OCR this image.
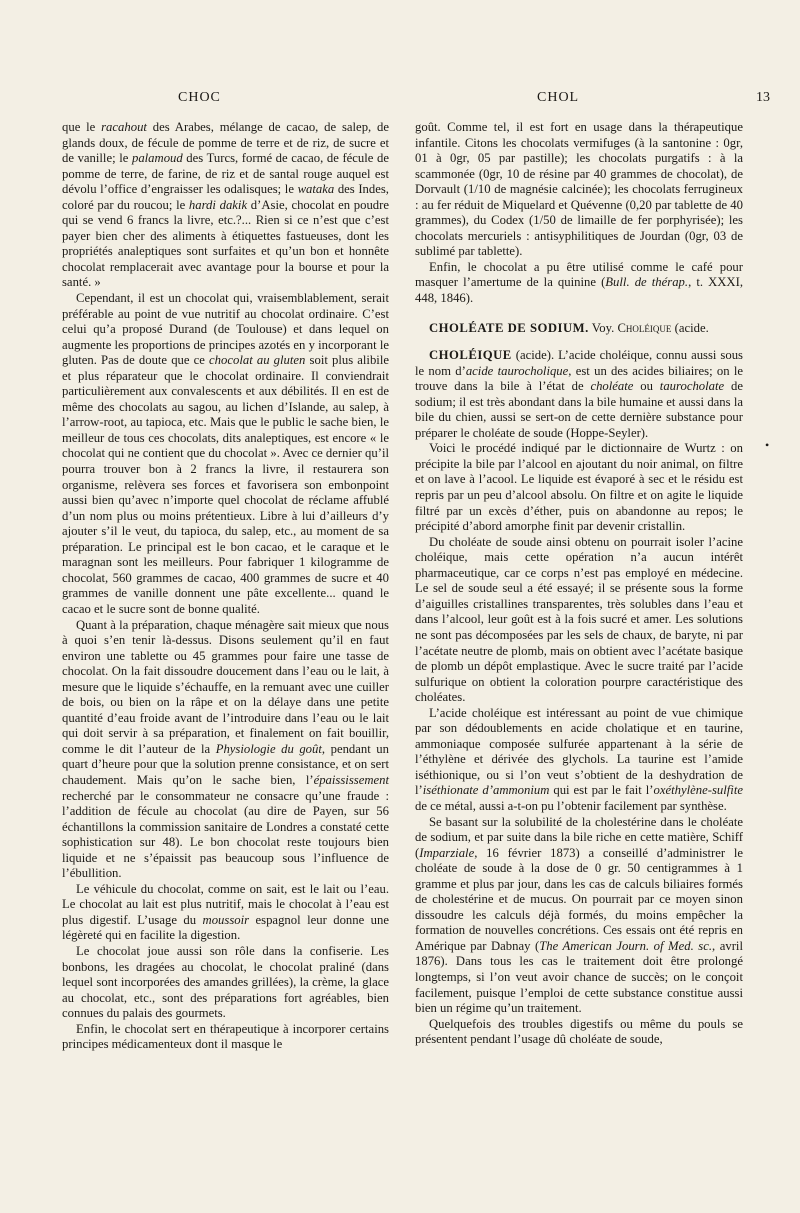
CHOC	CHOL	13
•

que le racahout des Arabes, mélange de cacao, de salep, de glands doux, de fécule de pomme de terre et de riz, de sucre et de vanille; le palamoud des Turcs, formé de cacao, de fécule de pomme de terre, de farine, de riz et de santal rouge auquel est dévolu l’office d’engraisser les odalisques; le wataka des Indes, coloré par du roucou; le hardi dakik d’Asie, chocolat en poudre qui se vend 6 francs la livre, etc.?... Rien si ce n’est que c’est payer bien cher des aliments à étiquettes fastueuses, dont les propriétés analeptiques sont surfaites et qu’un bon et honnête chocolat remplacerait avec avantage pour la bourse et pour la santé. »

Cependant, il est un chocolat qui, vraisemblablement, serait préférable au point de vue nutritif au chocolat ordinaire. C’est celui qu’a proposé Durand (de Toulouse) et dans lequel on augmente les proportions de principes azotés en y incorporant le gluten. Pas de doute que ce chocolat au gluten soit plus alibile et plus réparateur que le chocolat ordinaire. Il conviendrait particulièrement aux convalescents et aux débilités. Il en est de même des chocolats au sagou, au lichen d’Islande, au salep, à l’arrow-root, au tapioca, etc. Mais que le public le sache bien, le meilleur de tous ces chocolats, dits analeptiques, est encore « le chocolat qui ne contient que du chocolat ». Avec ce dernier qu’il pourra trouver bon à 2 francs la livre, il restaurera son organisme, relèvera ses forces et favorisera son embonpoint aussi bien qu’avec n’importe quel chocolat de réclame affublé d’un nom plus ou moins prétentieux. Libre à lui d’ailleurs d’y ajouter s’il le veut, du tapioca, du salep, etc., au moment de sa préparation. Le principal est le bon cacao, et le caraque et le maragnan sont les meilleurs. Pour fabriquer 1 kilogramme de chocolat, 560 grammes de cacao, 400 grammes de sucre et 40 grammes de vanille donnent une pâte excellente... quand le cacao et le sucre sont de bonne qualité.

Quant à la préparation, chaque ménagère sait mieux que nous à quoi s’en tenir là-dessus. Disons seulement qu’il en faut environ une tablette ou 45 grammes pour faire une tasse de chocolat. On la fait dissoudre doucement dans l’eau ou le lait, à mesure que le liquide s’échauffe, en la remuant avec une cuiller de bois, ou bien on la râpe et on la délaye dans une petite quantité d’eau froide avant de l’introduire dans l’eau ou le lait qui doit servir à sa préparation, et finalement on fait bouillir, comme le dit l’auteur de la Physiologie du goût, pendant un quart d’heure pour que la solution prenne consistance, et on sert chaudement. Mais qu’on le sache bien, l’épaississement recherché par le consommateur ne consacre qu’une fraude : l’addition de fécule au chocolat (au dire de Payen, sur 56 échantillons la commission sanitaire de Londres a constaté cette sophistication sur 48). Le bon chocolat reste toujours bien liquide et ne s’épaissit pas beaucoup sous l’influence de l’ébullition.

Le véhicule du chocolat, comme on sait, est le lait ou l’eau. Le chocolat au lait est plus nutritif, mais le chocolat à l’eau est plus digestif. L’usage du moussoir espagnol leur donne une légèreté qui en facilite la digestion.

Le chocolat joue aussi son rôle dans la confiserie. Les bonbons, les dragées au chocolat, le chocolat praliné (dans lequel sont incorporées des amandes grillées), la crème, la glace au chocolat, etc., sont des préparations fort agréables, bien connues du palais des gourmets.

Enfin, le chocolat sert en thérapeutique à incorporer certains principes médicamenteux dont il masque le

goût. Comme tel, il est fort en usage dans la thérapeutique infantile. Citons les chocolats vermifuges (à la santonine : 0gr, 01 à 0gr, 05 par pastille); les chocolats purgatifs : à la scammonée (0gr, 10 de résine par 40 grammes de chocolat), de Dorvault (1/10 de magnésie calcinée); les chocolats ferrugineux : au fer réduit de Miquelard et Quévenne (0,20 par tablette de 40 grammes), du Codex (1/50 de limaille de fer porphyrisée); les chocolats mercuriels : antisyphilitiques de Jourdan (0gr, 03 de sublimé par tablette).

Enfin, le chocolat a pu être utilisé comme le café pour masquer l’amertume de la quinine (Bull. de thérap., t. XXXI, 448, 1846).

CHOLÉATE DE SODIUM. Voy. Choléique (acide.

CHOLÉIQUE (acide). L’acide choléique, connu aussi sous le nom d’acide taurocholique, est un des acides biliaires; on le trouve dans la bile à l’état de choléate ou taurocholate de sodium; il est très abondant dans la bile humaine et aussi dans la bile du chien, aussi se sert-on de cette dernière substance pour préparer le choléate de soude (Hoppe-Seyler).

Voici le procédé indiqué par le dictionnaire de Wurtz : on précipite la bile par l’alcool en ajoutant du noir animal, on filtre et on lave à l’acool. Le liquide est évaporé à sec et le résidu est repris par un peu d’alcool absolu. On filtre et on agite le liquide filtré par un excès d’éther, puis on abandonne au repos; le précipité d’abord amorphe finit par devenir cristallin.

Du choléate de soude ainsi obtenu on pourrait isoler l’acine choléique, mais cette opération n’a aucun intérêt pharmaceutique, car ce corps n’est pas employé en médecine. Le sel de soude seul a été essayé; il se présente sous la forme d’aiguilles cristallines transparentes, très solubles dans l’eau et dans l’alcool, leur goût est à la fois sucré et amer. Les solutions ne sont pas décomposées par les sels de chaux, de baryte, ni par l’acétate neutre de plomb, mais on obtient avec l’acétate basique de plomb un dépôt emplastique. Avec le sucre traité par l’acide sulfurique on obtient la coloration pourpre caractéristique des choléates.

L’acide choléique est intéressant au point de vue chimique par son dédoublements en acide cholatique et en taurine, ammoniaque composée sulfurée appartenant à la série de l’éthylène et dérivée des glychols. La taurine est l’amide iséthionique, ou si l’on veut s’obtient de la deshydration de l’iséthionate d’ammonium qui est par le fait l’oxéthylène-sulfite de ce métal, aussi a-t-on pu l’obtenir facilement par synthèse.

Se basant sur la solubilité de la cholestérine dans le choléate de sodium, et par suite dans la bile riche en cette matière, Schiff (Imparziale, 16 février 1873) a conseillé d’administrer le choléate de soude à la dose de 0 gr. 50 centigrammes à 1 gramme et plus par jour, dans les cas de calculs biliaires formés de cholestérine et de mucus. On pourrait par ce moyen sinon dissoudre les calculs déjà formés, du moins empêcher la formation de nouvelles concrétions. Ces essais ont été repris en Amérique par Dabnay (The American Journ. of Med. sc., avril 1876). Dans tous les cas le traitement doit être prolongé longtemps, si l’on veut avoir chance de succès; on le conçoit facilement, puisque l’emploi de cette substance constitue aussi bien un régime qu’un traitement.

Quelquefois des troubles digestifs ou même du pouls se présentent pendant l’usage dû choléate de soude,
